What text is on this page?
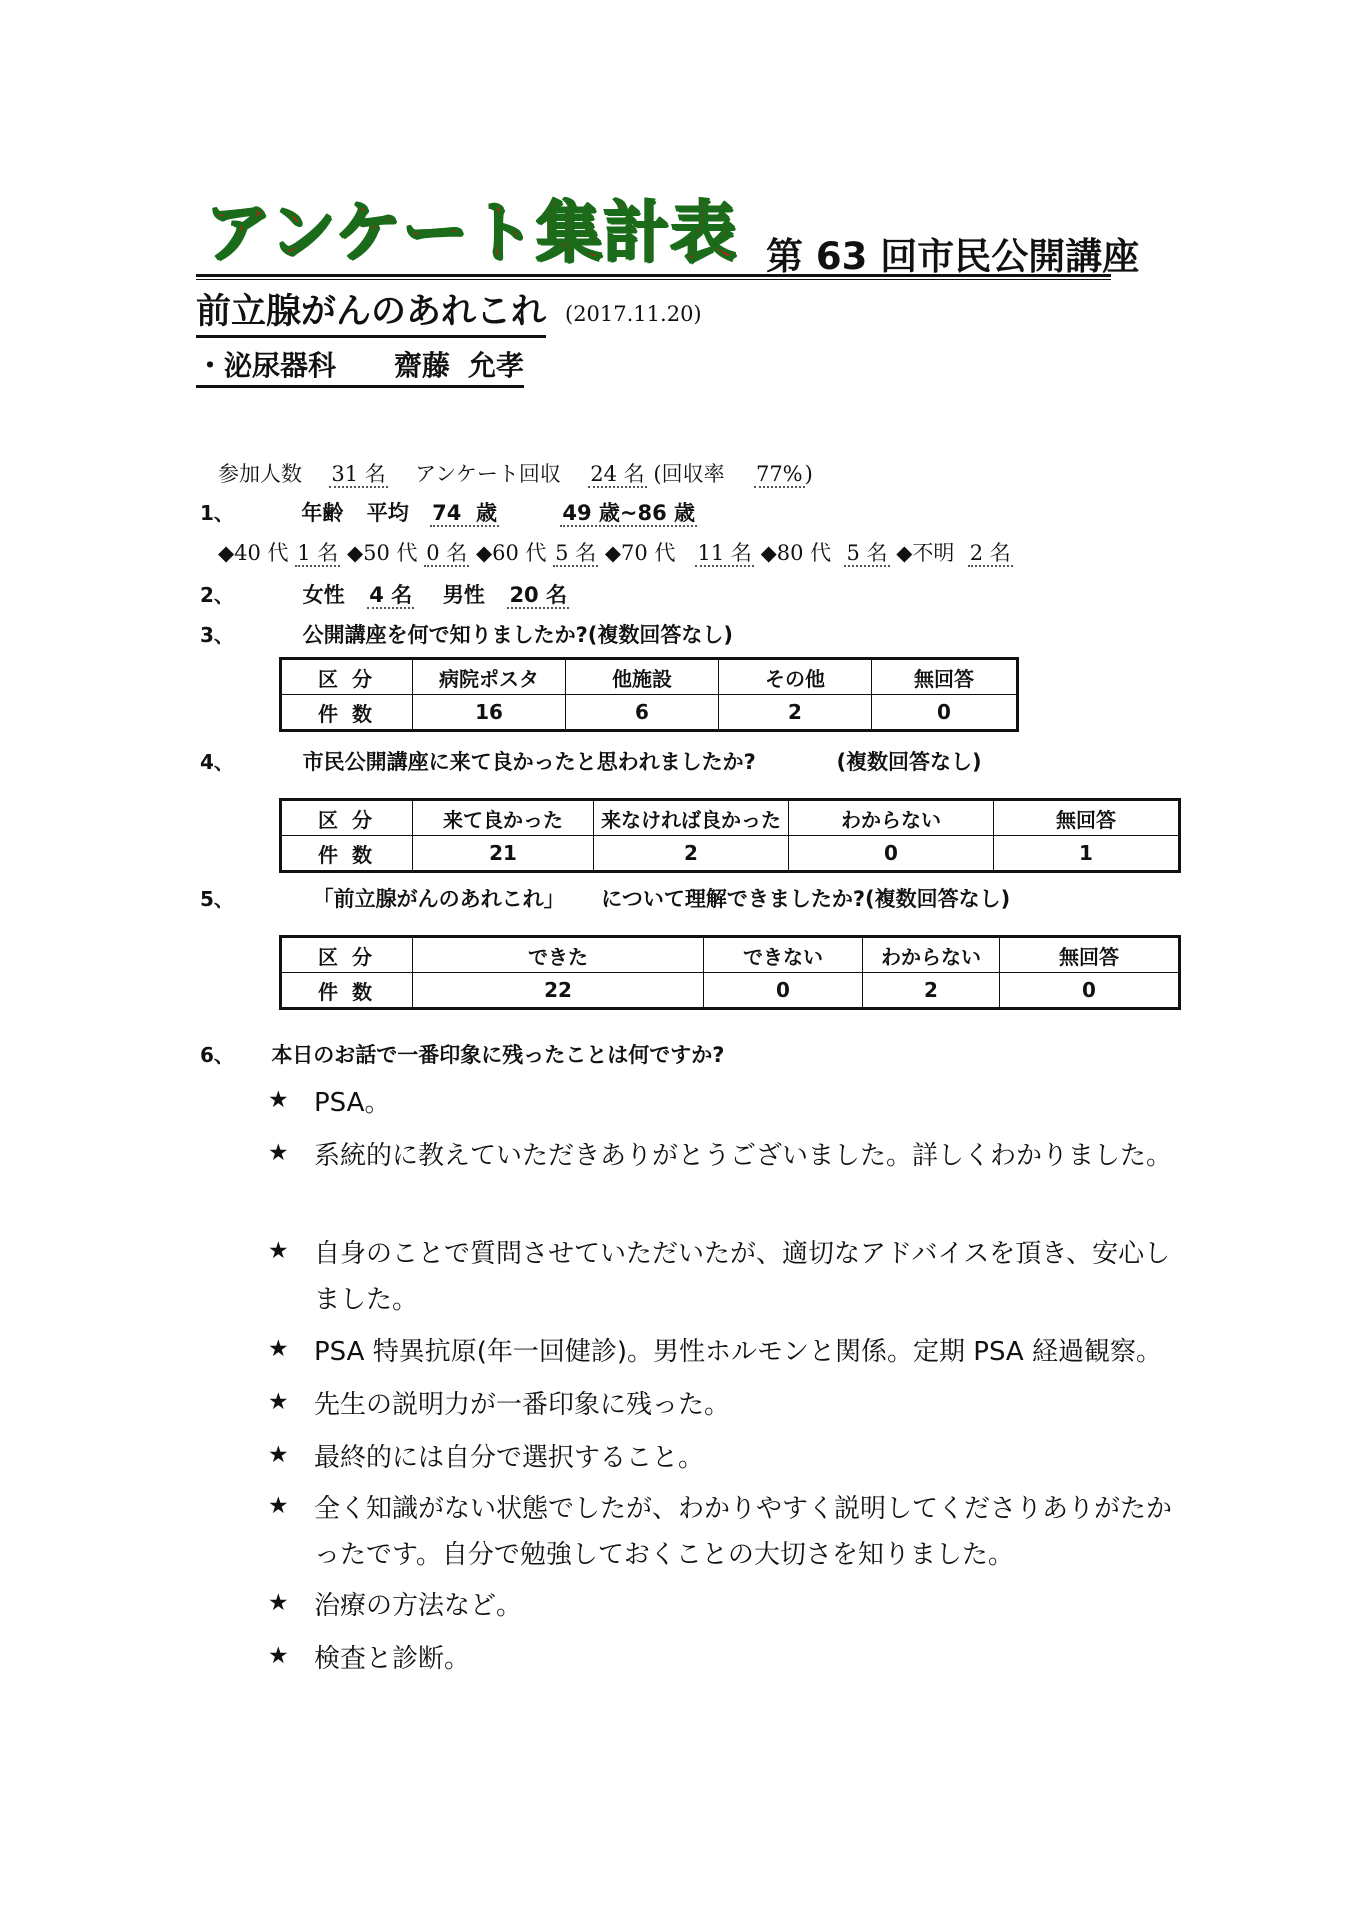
アンケート集計表 第 63 回市民公開講座
前立腺がんのあれこれ (2017.11.20)
・泌尿器科 齋藤 允孝
参加人数 31 名 アンケート回収 24 名 (回収率 77%)
1、	年齢 平均 74 歳	49 歳~86 歳
◆40 代 1 名 ◆50 代 0 名 ◆60 代 5 名 ◆70 代 11 名 ◆80 代 5 名 ◆不明 2 名
2、	女性 4 名 男性 20 名
3、	公開講座を何で知りましたか?(複数回答なし)
区分	病院ポスタ	他施設	その他	無回答
件数	16	6	2	0
4、	市民公開講座に来て良かったと思われましたか?	(複数回答なし)
区分	来て良かった	来なければ良かった	わからない	無回答
件数	21	2	0	1
5、	「前立腺がんのあれこれ」 について理解できましたか?(複数回答なし)
区分	できた	できない	わからない	無回答
件数	22	0	2	0
6、 本日のお話で一番印象に残ったことは何ですか?
★ PSA。
★ 系統的に教えていただきありがとうございました。詳しくわかりました。
★ 自身のことで質問させていただいたが、適切なアドバイスを頂き、安心しました。
★ PSA 特異抗原(年一回健診)。男性ホルモンと関係。定期 PSA 経過観察。
★ 先生の説明力が一番印象に残った。
★ 最終的には自分で選択すること。
★ 全く知識がない状態でしたが、わかりやすく説明してくださりありがたかったです。自分で勉強しておくことの大切さを知りました。
★ 治療の方法など。
★ 検査と診断。
